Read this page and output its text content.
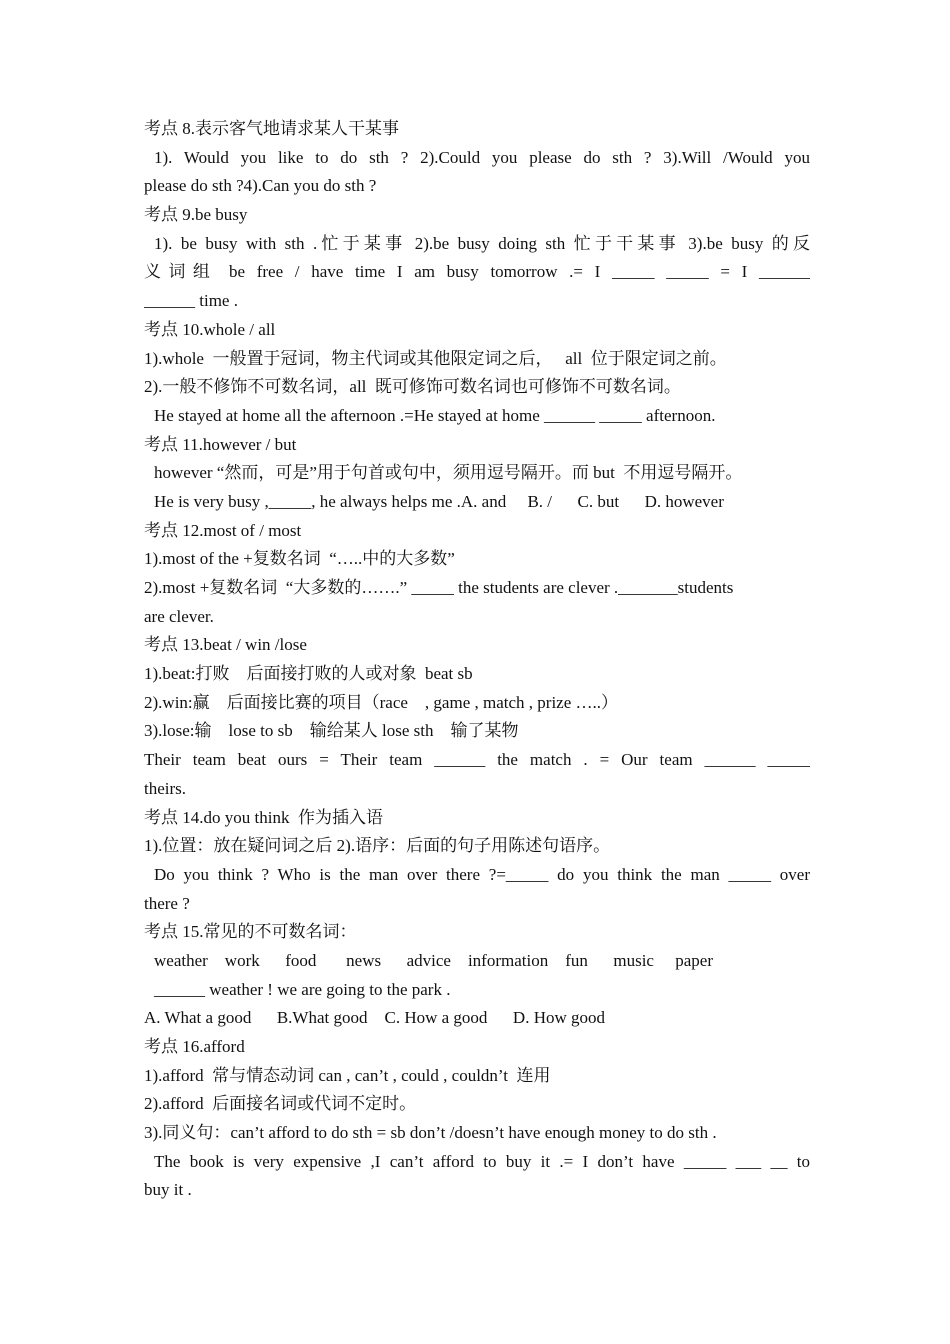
考点 8.表示客气地请求某人干某事
1). Would you like to do sth ? 2).Could you please do sth ? 3).Will /Would you
please do sth ?4).Can you do sth ?
考点 9.be busy
1). be busy with sth .忙于某事 2).be busy doing sth 忙于干某事 3).be busy 的反
义词组 be free / have time I am busy tomorrow .= I _____ _____ = I ______
______ time .
考点 10.whole / all
1).whole  一般置于冠词，物主代词或其他限定词之后，   all  位于限定词之前。
2).一般不修饰不可数名词，all  既可修饰可数名词也可修饰不可数名词。
He stayed at home all the afternoon .=He stayed at home ______ _____ afternoon.
考点 11.however / but
however “然而，可是”用于句首或句中，须用逗号隔开。而 but  不用逗号隔开。
He is very busy ,_____, he always helps me .A. and     B. /      C. but      D. however
考点 12.most of / most
1).most of the +复数名词  “…..中的大多数”
2).most +复数名词  “大多数的…….” _____ the students are clever ._______students
are clever.
考点 13.beat / win /lose
1).beat:打败    后面接打败的人或对象  beat sb
2).win:赢    后面接比赛的项目（race    , game , match , prize …..）
3).lose:输    lose to sb    输给某人 lose sth    输了某物
Their team beat ours = Their team ______ the match . = Our team ______ _____
theirs.
考点 14.do you think  作为插入语
1).位置：放在疑问词之后 2).语序：后面的句子用陈述句语序。
Do you think ? Who is the man over there ?=_____ do you think the man _____ over
there ?
考点 15.常见的不可数名词：
weather    work      food       news      advice    information    fun      music     paper
______ weather ! we are going to the park .
A. What a good      B.What good    C. How a good      D. How good
考点 16.afford
1).afford  常与情态动词 can , can’t , could , couldn’t  连用
2).afford  后面接名词或代词不定时。
3).同义句：can’t afford to do sth = sb don’t /doesn’t have enough money to do sth .
The book is very expensive ,I can’t afford to buy it .= I don’t have _____ ___ __ to
buy it .
